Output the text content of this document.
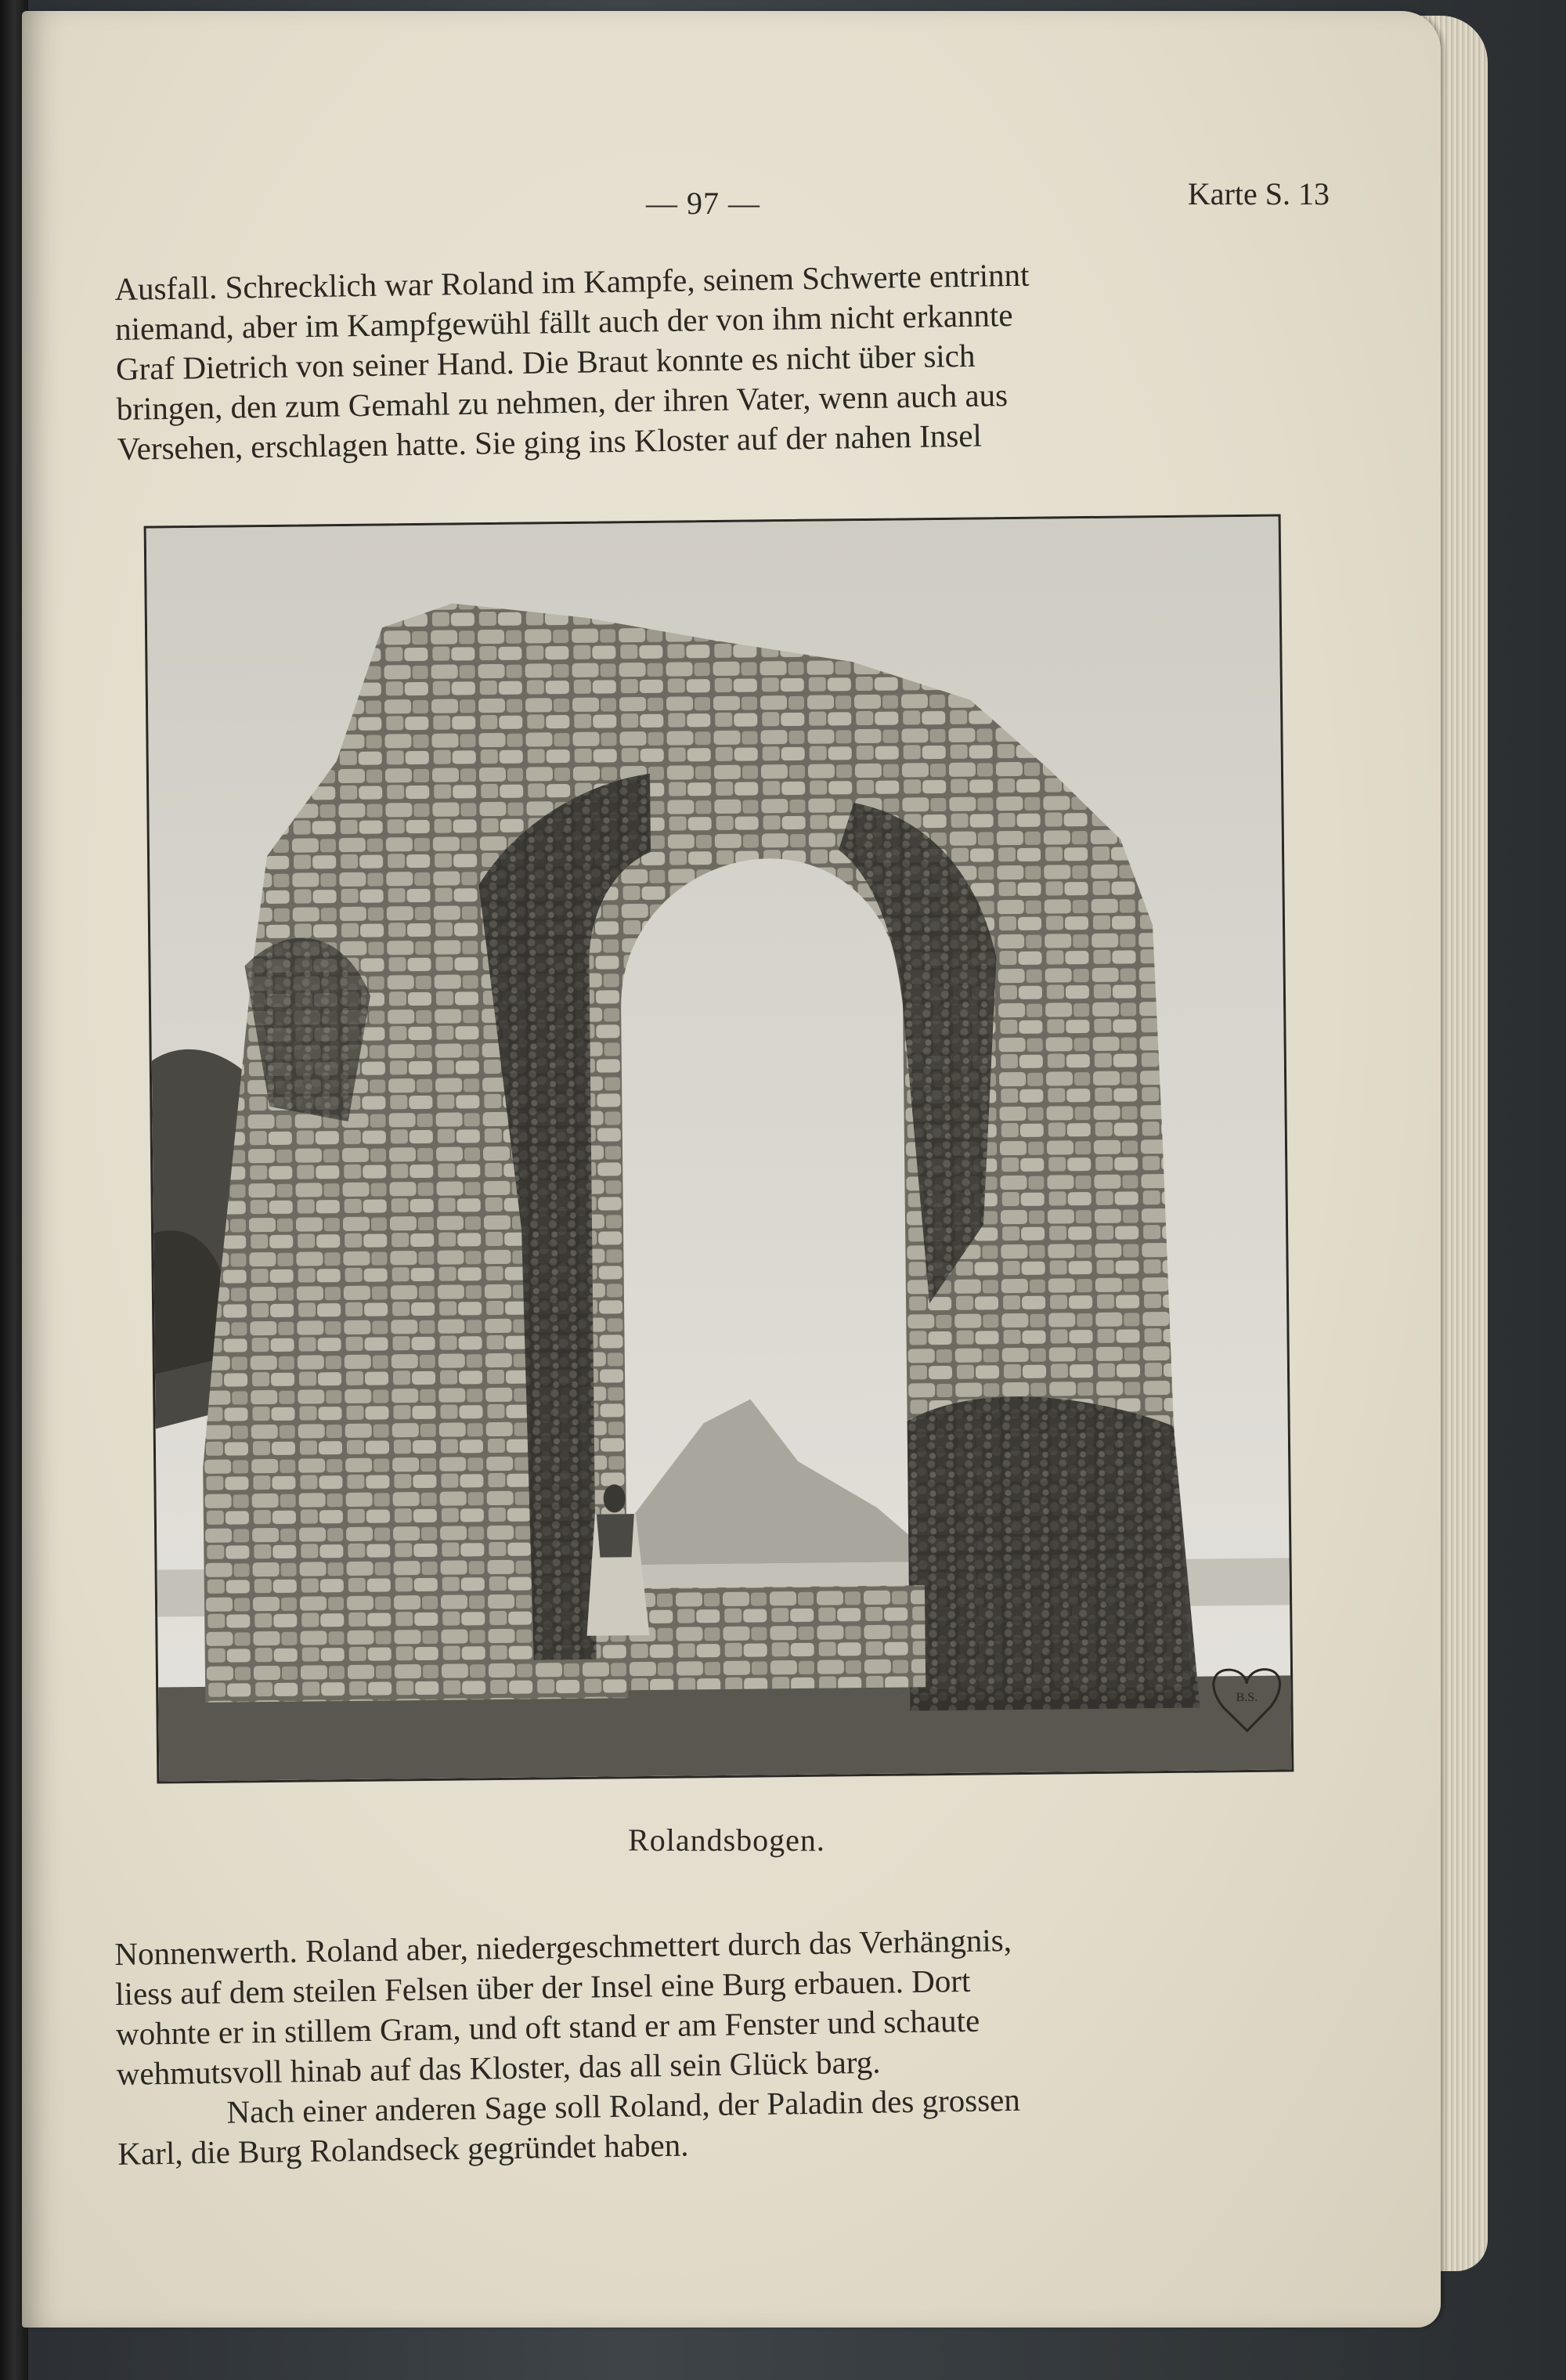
— 97 —	Karte S. 13

Ausfall. Schrecklich war Roland im Kampfe, seinem Schwerte entrinnt

niemand, aber im Kampfgewühl fällt auch der von ihm nicht erkannte

Graf Dietrich von seiner Hand. Die Braut konnte es nicht über sich

bringen, den zum Gemahl zu nehmen, der ihren Vater, wenn auch aus

Versehen, erschlagen hatte. Sie ging ins Kloster auf der nahen Insel

B.S.
Rolandsbogen.

Nonnenwerth. Roland aber, niedergeschmettert durch das Verhängnis,

liess auf dem steilen Felsen über der Insel eine Burg erbauen. Dort

wohnte er in stillem Gram, und oft stand er am Fenster und schaute

wehmutsvoll hinab auf das Kloster, das all sein Glück barg.

Nach einer anderen Sage soll Roland, der Paladin des grossen

Karl, die Burg Rolandseck gegründet haben.
